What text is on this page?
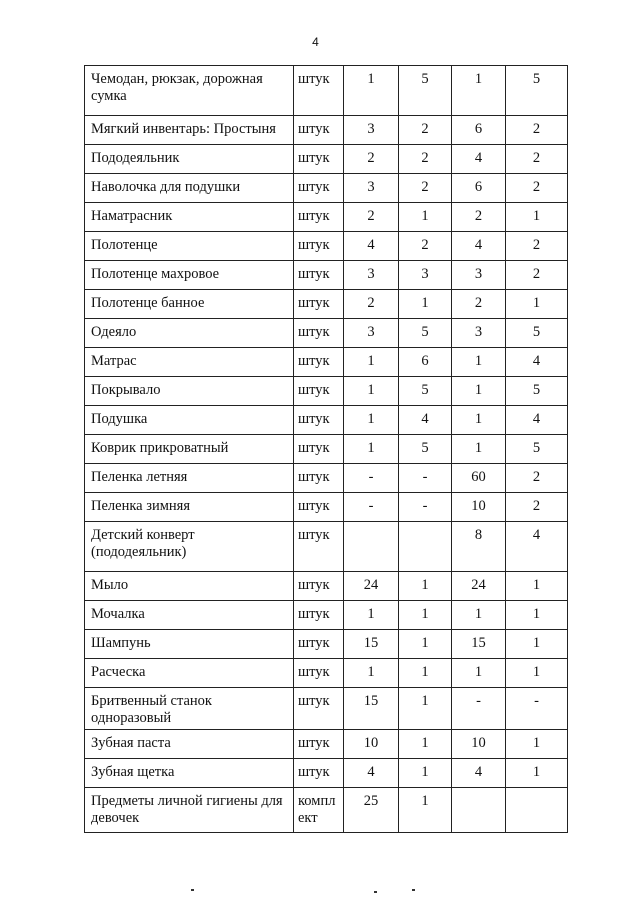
4
Чемодан, рюкзак, дорожная сумка	штук	1	5	1	5
Мягкий инвентарь: Простыня	штук	3	2	6	2
Пододеяльник	штук	2	2	4	2
Наволочка для подушки	штук	3	2	6	2
Наматрасник	штук	2	1	2	1
Полотенце	штук	4	2	4	2
Полотенце махровое	штук	3	3	3	2
Полотенце банное	штук	2	1	2	1
Одеяло	штук	3	5	3	5
Матрас	штук	1	6	1	4
Покрывало	штук	1	5	1	5
Подушка	штук	1	4	1	4
Коврик прикроватный	штук	1	5	1	5
Пеленка летняя	штук	-	-	60	2
Пеленка зимняя	штук	-	-	10	2
Детский конверт (пододеяльник)	штук			8	4
Мыло	штук	24	1	24	1
Мочалка	штук	1	1	1	1
Шампунь	штук	15	1	15	1
Расческа	штук	1	1	1	1
Бритвенный станок одноразовый	штук	15	1	-	-
Зубная паста	штук	10	1	10	1
Зубная щетка	штук	4	1	4	1
Предметы личной гигиены для девочек	комплект	25	1		
